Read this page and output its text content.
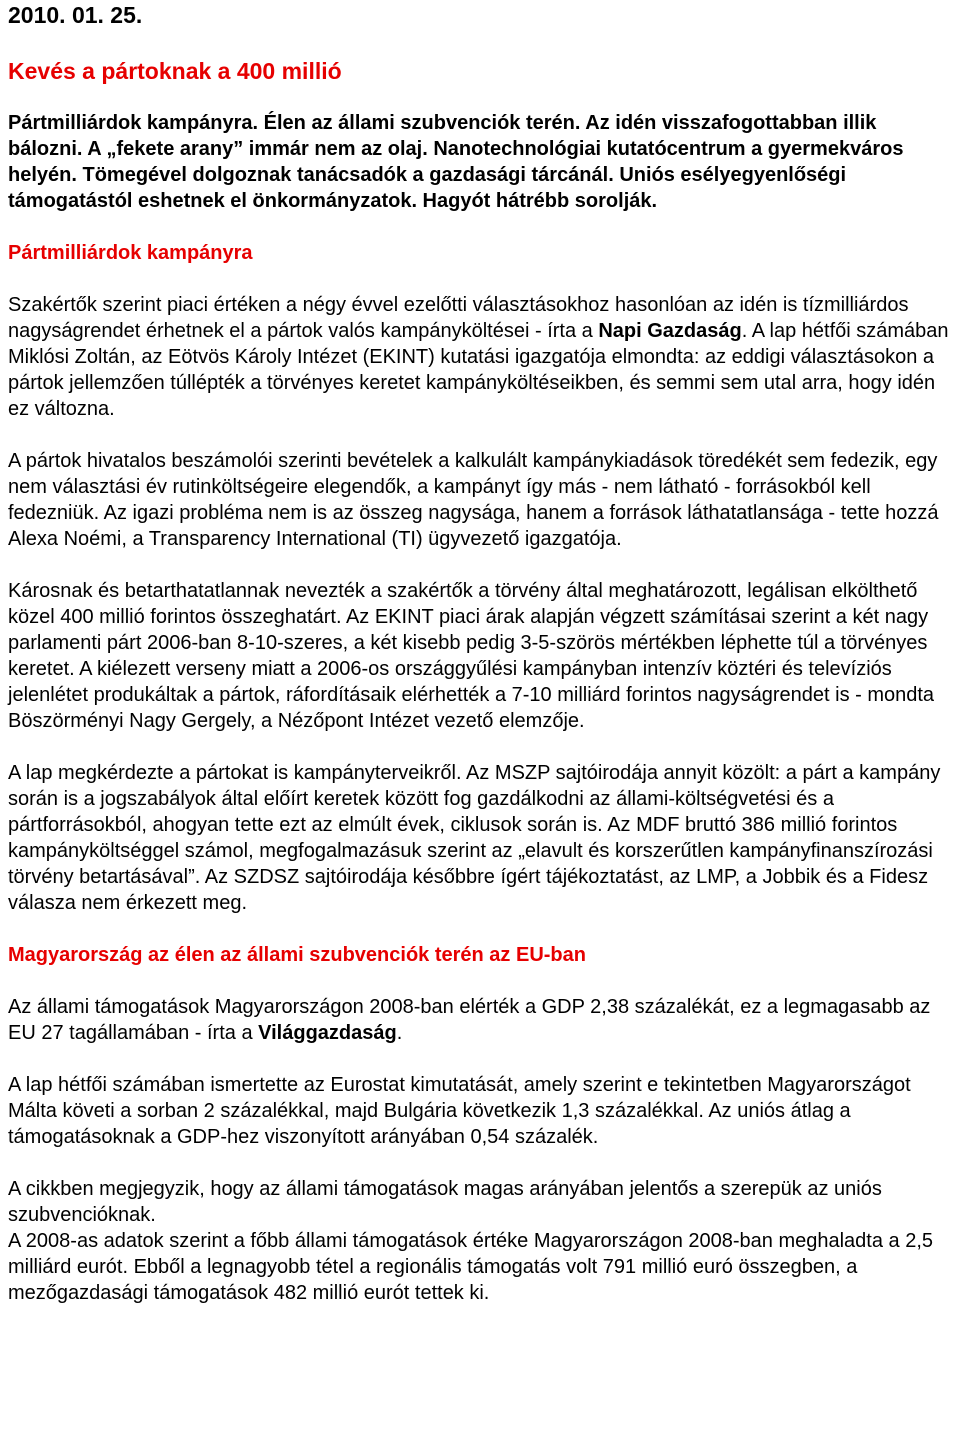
2010. 01. 25.

Kevés a pártoknak a 400 millió

Pártmilliárdok kampányra. Élen az állami szubvenciók terén. Az idén visszafogottabban illik bálozni. A „fekete arany” immár nem az olaj. Nanotechnológiai kutatócentrum a gyermekváros helyén. Tömegével dolgoznak tanácsadók a gazdasági tárcánál. Uniós esélyegyenlőségi támogatástól eshetnek el önkormányzatok. Hagyót hátrébb sorolják.

Pártmilliárdok kampányra

Szakértők szerint piaci értéken a négy évvel ezelőtti választásokhoz hasonlóan az idén is tízmilliárdos nagyságrendet érhetnek el a pártok valós kampányköltései - írta a Napi Gazdaság. A lap hétfői számában Miklósi Zoltán, az Eötvös Károly Intézet (EKINT) kutatási igazgatója elmondta: az eddigi választásokon a pártok jellemzően túllépték a törvényes keretet kampányköltéseikben, és semmi sem utal arra, hogy idén ez változna.

A pártok hivatalos beszámolói szerinti bevételek a kalkulált kampánykiadások töredékét sem fedezik, egy nem választási év rutinköltségeire elegendők, a kampányt így más - nem látható - forrásokból kell fedezniük. Az igazi probléma nem is az összeg nagysága, hanem a források láthatatlansága - tette hozzá Alexa Noémi, a Transparency International (TI) ügyvezető igazgatója.

Károsnak és betarthatatlannak nevezték a szakértők a törvény által meghatározott, legálisan elkölthető közel 400 millió forintos összeghatárt. Az EKINT piaci árak alapján végzett számításai szerint a két nagy parlamenti párt 2006-ban 8-10-szeres, a két kisebb pedig 3-5-szörös mértékben léphette túl a törvényes keretet. A kiélezett verseny miatt a 2006-os országgyűlési kampányban intenzív köztéri és televíziós jelenlétet produkáltak a pártok, ráfordításaik elérhették a 7-10 milliárd forintos nagyságrendet is - mondta Böszörményi Nagy Gergely, a Nézőpont Intézet vezető elemzője.

A lap megkérdezte a pártokat is kampányterveikről. Az MSZP sajtóirodája annyit közölt: a párt a kampány során is a jogszabályok által előírt keretek között fog gazdálkodni az állami-költségvetési és a pártforrásokból, ahogyan tette ezt az elmúlt évek, ciklusok során is. Az MDF bruttó 386 millió forintos kampányköltséggel számol, megfogalmazásuk szerint az „elavult és korszerűtlen kampányfinanszírozási törvény betartásával”. Az SZDSZ sajtóirodája későbbre ígért tájékoztatást, az LMP, a Jobbik és a Fidesz válasza nem érkezett meg.

Magyarország az élen az állami szubvenciók terén az EU-ban

Az állami támogatások Magyarországon 2008-ban elérték a GDP 2,38 százalékát, ez a legmagasabb az EU 27 tagállamában - írta a Világgazdaság.

A lap hétfői számában ismertette az Eurostat kimutatását, amely szerint e tekintetben Magyarországot Málta követi a sorban 2 százalékkal, majd Bulgária következik 1,3 százalékkal. Az uniós átlag a támogatásoknak a GDP-hez viszonyított arányában 0,54 százalék.

A cikkben megjegyzik, hogy az állami támogatások magas arányában jelentős a szerepük az uniós szubvencióknak.

A 2008-as adatok szerint a főbb állami támogatások értéke Magyarországon 2008-ban meghaladta a 2,5 milliárd eurót. Ebből a legnagyobb tétel a regionális támogatás volt 791 millió euró összegben, a mezőgazdasági támogatások 482 millió eurót tettek ki.
